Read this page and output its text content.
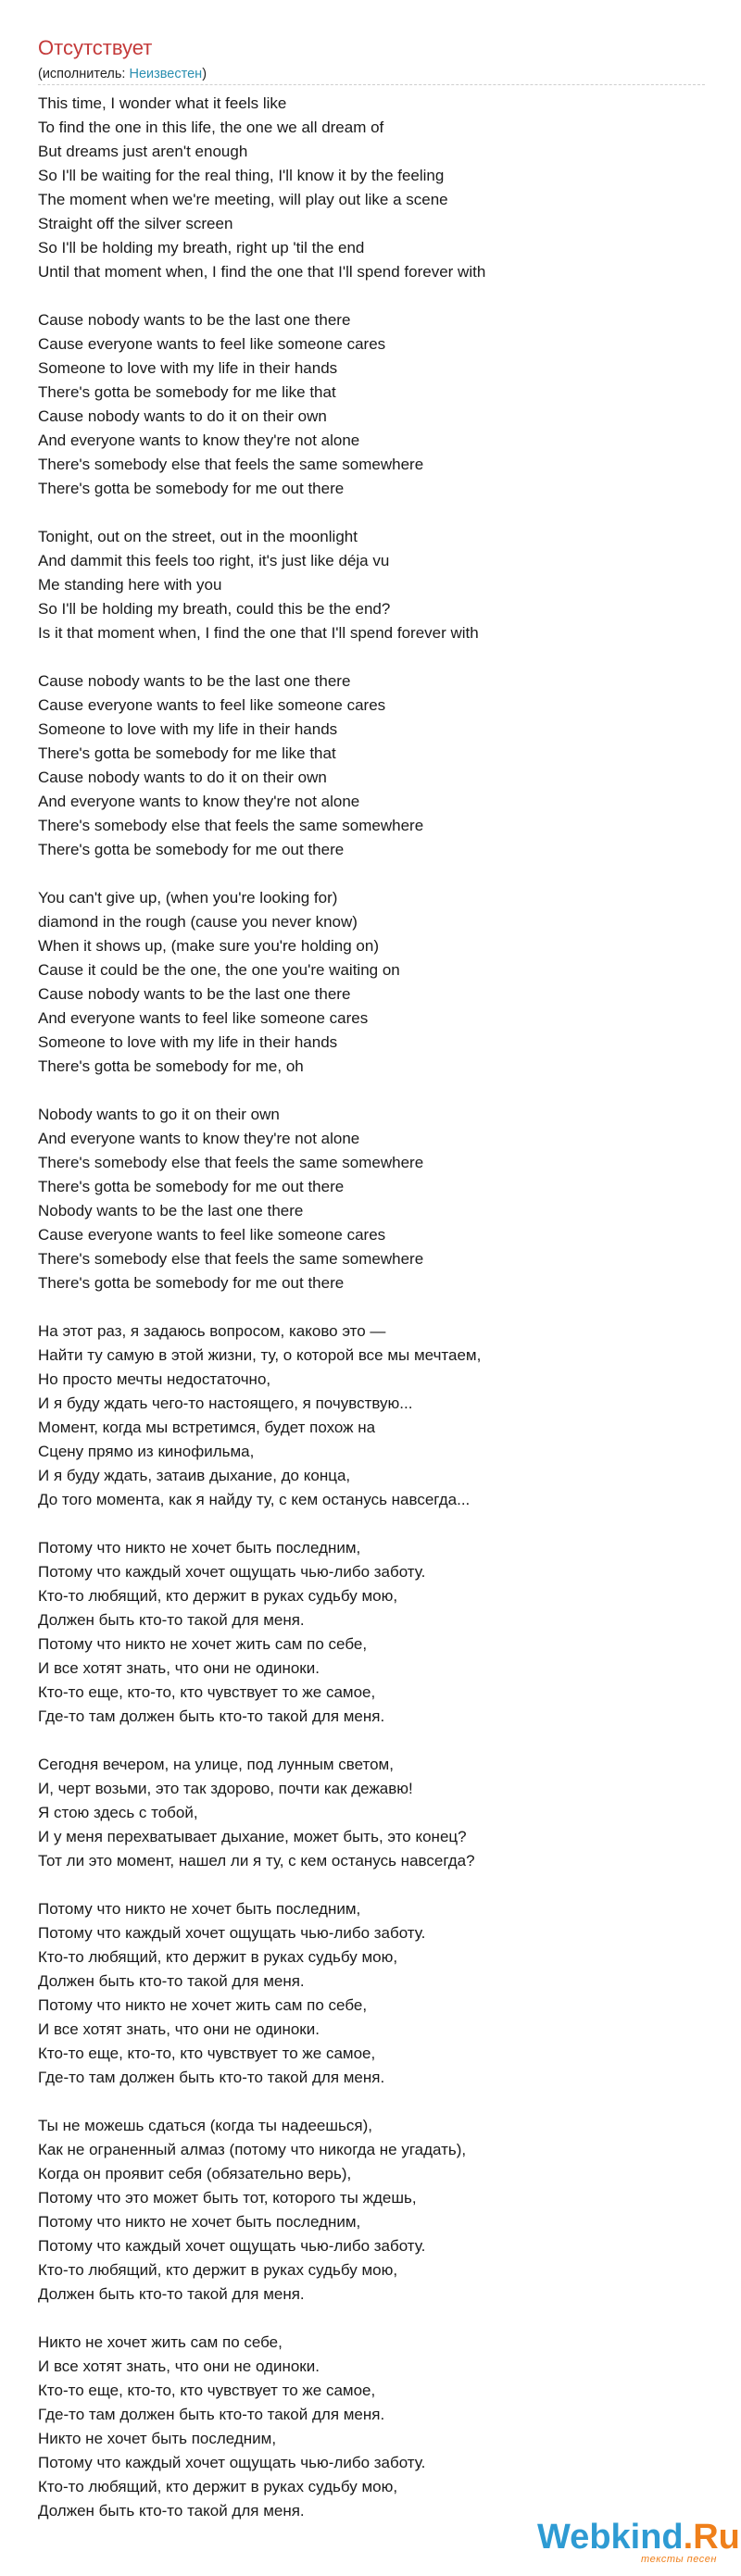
Отсутствует
(исполнитель: Неизвестен)
This time, I wonder what it feels like
To find the one in this life, the one we all dream of
But dreams just aren't enough
So I'll be waiting for the real thing, I'll know it by the feeling
The moment when we're meeting, will play out like a scene
Straight off the silver screen
So I'll be holding my breath, right up 'til the end
Until that moment when, I find the one that I'll spend forever with
Cause nobody wants to be the last one there
Cause everyone wants to feel like someone cares
Someone to love with my life in their hands
There's gotta be somebody for me like that
Cause nobody wants to do it on their own
And everyone wants to know they're not alone
There's somebody else that feels the same somewhere
There's gotta be somebody for me out there
Tonight, out on the street, out in the moonlight
And dammit this feels too right, it's just like déja vu
Me standing here with you
So I'll be holding my breath, could this be the end?
Is it that moment when, I find the one that I'll spend forever with
Cause nobody wants to be the last one there
Cause everyone wants to feel like someone cares
Someone to love with my life in their hands
There's gotta be somebody for me like that
Cause nobody wants to do it on their own
And everyone wants to know they're not alone
There's somebody else that feels the same somewhere
There's gotta be somebody for me out there
You can't give up, (when you're looking for)
diamond in the rough (cause you never know)
When it shows up, (make sure you're holding on)
Cause it could be the one, the one you're waiting on
Cause nobody wants to be the last one there
And everyone wants to feel like someone cares
Someone to love with my life in their hands
There's gotta be somebody for me, oh
Nobody wants to go it on their own
And everyone wants to know they're not alone
There's somebody else that feels the same somewhere
There's gotta be somebody for me out there
Nobody wants to be the last one there
Cause everyone wants to feel like someone cares
There's somebody else that feels the same somewhere
There's gotta be somebody for me out there
На этот раз, я задаюсь вопросом, каково это —
Найти ту самую в этой жизни, ту, о которой все мы мечтаем,
Но просто мечты недостаточно,
И я буду ждать чего-то настоящего, я почувствую...
Момент, когда мы встретимся, будет похож на
Сцену прямо из кинофильма,
И я буду ждать, затаив дыхание, до конца,
До того момента, как я найду ту, с кем останусь навсегда...
Потому что никто не хочет быть последним,
Потому что каждый хочет ощущать чью-либо заботу.
Кто-то любящий, кто держит в руках судьбу мою,
Должен быть кто-то такой для меня.
Потому что никто не хочет жить сам по себе,
И все хотят знать, что они не одиноки.
Кто-то еще, кто-то, кто чувствует то же самое,
Где-то там должен быть кто-то такой для меня.
Сегодня вечером, на улице, под лунным светом,
И, черт возьми, это так здорово, почти как дежавю!
Я стою здесь с тобой,
И у меня перехватывает дыхание, может быть, это конец?
Тот ли это момент, нашел ли я ту, с кем останусь навсегда?
Потому что никто не хочет быть последним,
Потому что каждый хочет ощущать чью-либо заботу.
Кто-то любящий, кто держит в руках судьбу мою,
Должен быть кто-то такой для меня.
Потому что никто не хочет жить сам по себе,
И все хотят знать, что они не одиноки.
Кто-то еще, кто-то, кто чувствует то же самое,
Где-то там должен быть кто-то такой для меня.
Ты не можешь сдаться (когда ты надеешься),
Как не ограненный алмаз (потому что никогда не угадать),
Когда он проявит себя (обязательно верь),
Потому что это может быть тот, которого ты ждешь,
Потому что никто не хочет быть последним,
Потому что каждый хочет ощущать чью-либо заботу.
Кто-то любящий, кто держит в руках судьбу мою,
Должен быть кто-то такой для меня.
Никто не хочет жить сам по себе,
И все хотят знать, что они не одиноки.
Кто-то еще, кто-то, кто чувствует то же самое,
Где-то там должен быть кто-то такой для меня.
Никто не хочет быть последним,
Потому что каждый хочет ощущать чью-либо заботу.
Кто-то любящий, кто держит в руках судьбу мою,
Должен быть кто-то такой для меня.
Webkind.Ru
тексты песен
